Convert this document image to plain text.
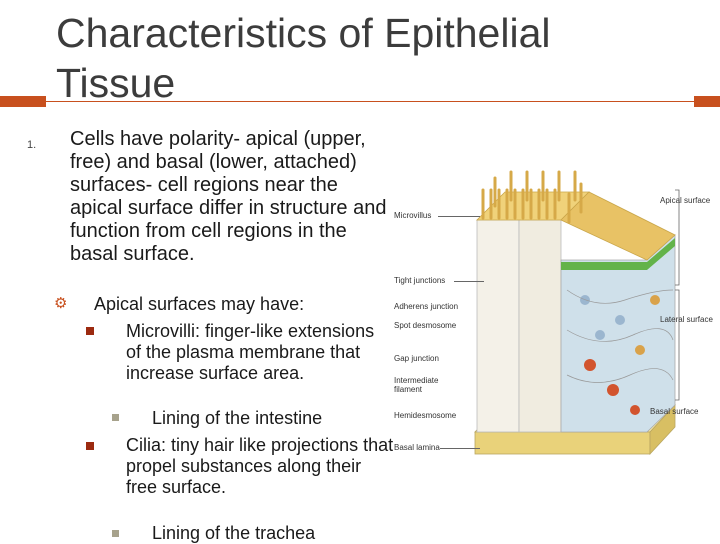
Characteristics of Epithelial Tissue
1. Cells have polarity- apical (upper, free) and basal (lower, attached) surfaces- cell regions near the apical surface differ in structure and function from cell regions in the basal surface.
⚙ Apical surfaces may have:
Microvilli: finger-like extensions of the plasma membrane that increase surface area.
Lining of the intestine
Cilia: tiny hair like projections that propel substances along their free surface.
Lining of the trachea
Microvillus
Tight junctions
Adherens junction
Spot desmosome
Gap junction
Intermediate filament
Hemidesmosome
Basal lamina
Apical surface
Lateral surface
Basal surface
